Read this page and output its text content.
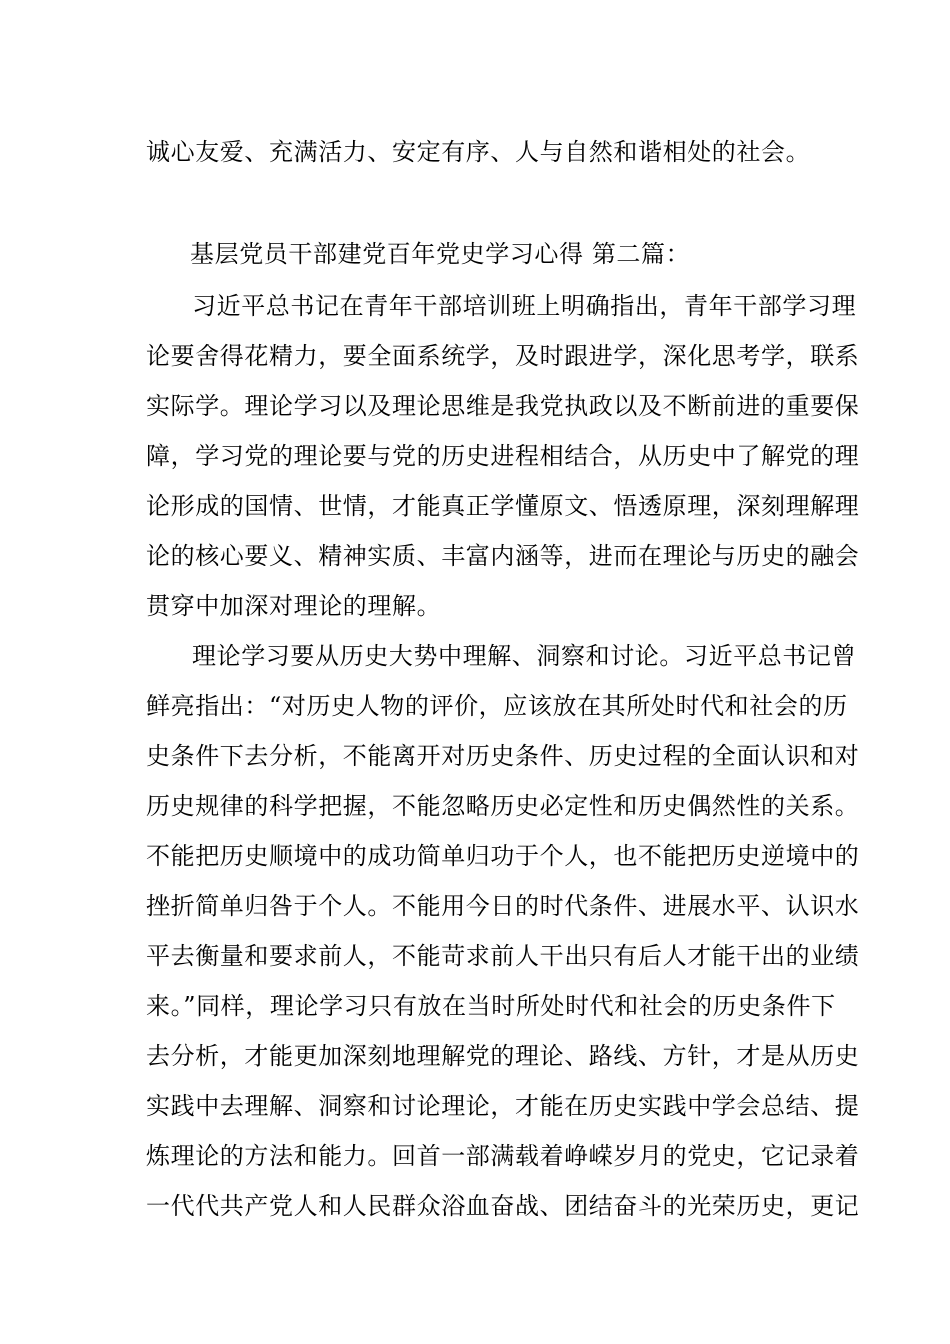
诚心友爱、充满活力、安定有序、人与自然和谐相处的社会。
基层党员干部建党百年党史学习心得 第二篇：
习近平总书记在青年干部培训班上明确指出，青年干部学习理
论要舍得花精力，要全面系统学，及时跟进学，深化思考学，联系
实际学。理论学习以及理论思维是我党执政以及不断前进的重要保
障，学习党的理论要与党的历史进程相结合，从历史中了解党的理
论形成的国情、世情，才能真正学懂原文、悟透原理，深刻理解理
论的核心要义、精神实质、丰富内涵等，进而在理论与历史的融会
贯穿中加深对理论的理解。
理论学习要从历史大势中理解、洞察和讨论。习近平总书记曾
鲜亮指出：“对历史人物的评价，应该放在其所处时代和社会的历
史条件下去分析，不能离开对历史条件、历史过程的全面认识和对
历史规律的科学把握，不能忽略历史必定性和历史偶然性的关系。
不能把历史顺境中的成功简单归功于个人，也不能把历史逆境中的
挫折简单归咎于个人。不能用今日的时代条件、进展水平、认识水
平去衡量和要求前人，不能苛求前人干出只有后人才能干出的业绩
来。”同样，理论学习只有放在当时所处时代和社会的历史条件下
去分析，才能更加深刻地理解党的理论、路线、方针，才是从历史
实践中去理解、洞察和讨论理论，才能在历史实践中学会总结、提
炼理论的方法和能力。回首一部满载着峥嵘岁月的党史，它记录着
一代代共产党人和人民群众浴血奋战、团结奋斗的光荣历史，更记
